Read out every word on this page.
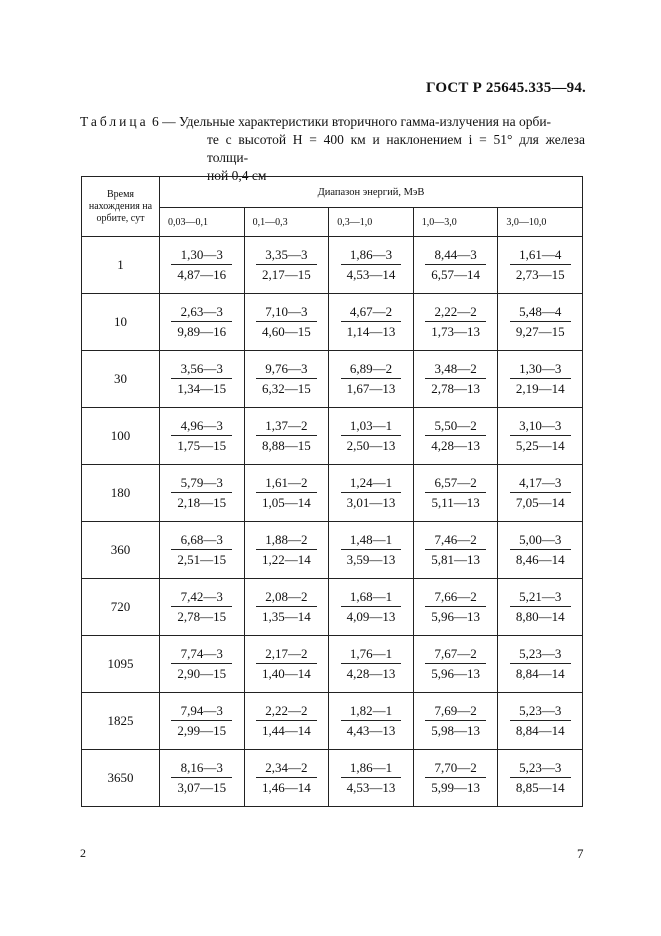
ГОСТ Р 25645.335—94.
Таблица 6 — Удельные характеристики вторичного гамма-излучения на орби-
те с высотой H = 400 км и наклонением i = 51° для железа толщи-
ной 0,4 см
Время нахождения на орбите, сут	Диапазон энергий, МэВ				
	0,03—0,1	0,1—0,3	0,3—1,0	1,0—3,0	3,0—10,0
1	$\frac{1,30—3}{4,87—16}$	$\frac{3,35—3}{2,17—15}$	$\frac{1,86—3}{4,53—14}$	$\frac{8,44—3}{6,57—14}$	$\frac{1,61—4}{2,73—15}$

10	$\frac{2,63—3}{9,89—16}$	$\frac{7,10—3}{4,60—15}$	$\frac{4,67—2}{1,14—13}$	$\frac{2,22—2}{1,73—13}$	$\frac{5,48—4}{9,27—15}$

30	$\frac{3,56—3}{1,34—15}$	$\frac{9,76—3}{6,32—15}$	$\frac{6,89—2}{1,67—13}$	$\frac{3,48—2}{2,78—13}$	$\frac{1,30—3}{2,19—14}$

100	$\frac{4,96—3}{1,75—15}$	$\frac{1,37—2}{8,88—15}$	$\frac{1,03—1}{2,50—13}$	$\frac{5,50—2}{4,28—13}$	$\frac{3,10—3}{5,25—14}$

180	$\frac{5,79—3}{2,18—15}$	$\frac{1,61—2}{1,05—14}$	$\frac{1,24—1}{3,01—13}$	$\frac{6,57—2}{5,11—13}$	$\frac{4,17—3}{7,05—14}$

360	$\frac{6,68—3}{2,51—15}$	$\frac{1,88—2}{1,22—14}$	$\frac{1,48—1}{3,59—13}$	$\frac{7,46—2}{5,81—13}$	$\frac{5,00—3}{8,46—14}$

720	$\frac{7,42—3}{2,78—15}$	$\frac{2,08—2}{1,35—14}$	$\frac{1,68—1}{4,09—13}$	$\frac{7,66—2}{5,96—13}$	$\frac{5,21—3}{8,80—14}$

1095	$\frac{7,74—3}{2,90—15}$	$\frac{2,17—2}{1,40—14}$	$\frac{1,76—1}{4,28—13}$	$\frac{7,67—2}{5,96—13}$	$\frac{5,23—3}{8,84—14}$

1825	$\frac{7,94—3}{2,99—15}$	$\frac{2,22—2}{1,44—14}$	$\frac{1,82—1}{4,43—13}$	$\frac{7,69—2}{5,98—13}$	$\frac{5,23—3}{8,84—14}$

3650	$\frac{8,16—3}{3,07—15}$	$\frac{2,34—2}{1,46—14}$	$\frac{1,86—1}{4,53—13}$	$\frac{7,70—2}{5,99—13}$	$\frac{5,23—3}{8,85—14}$
2	7
